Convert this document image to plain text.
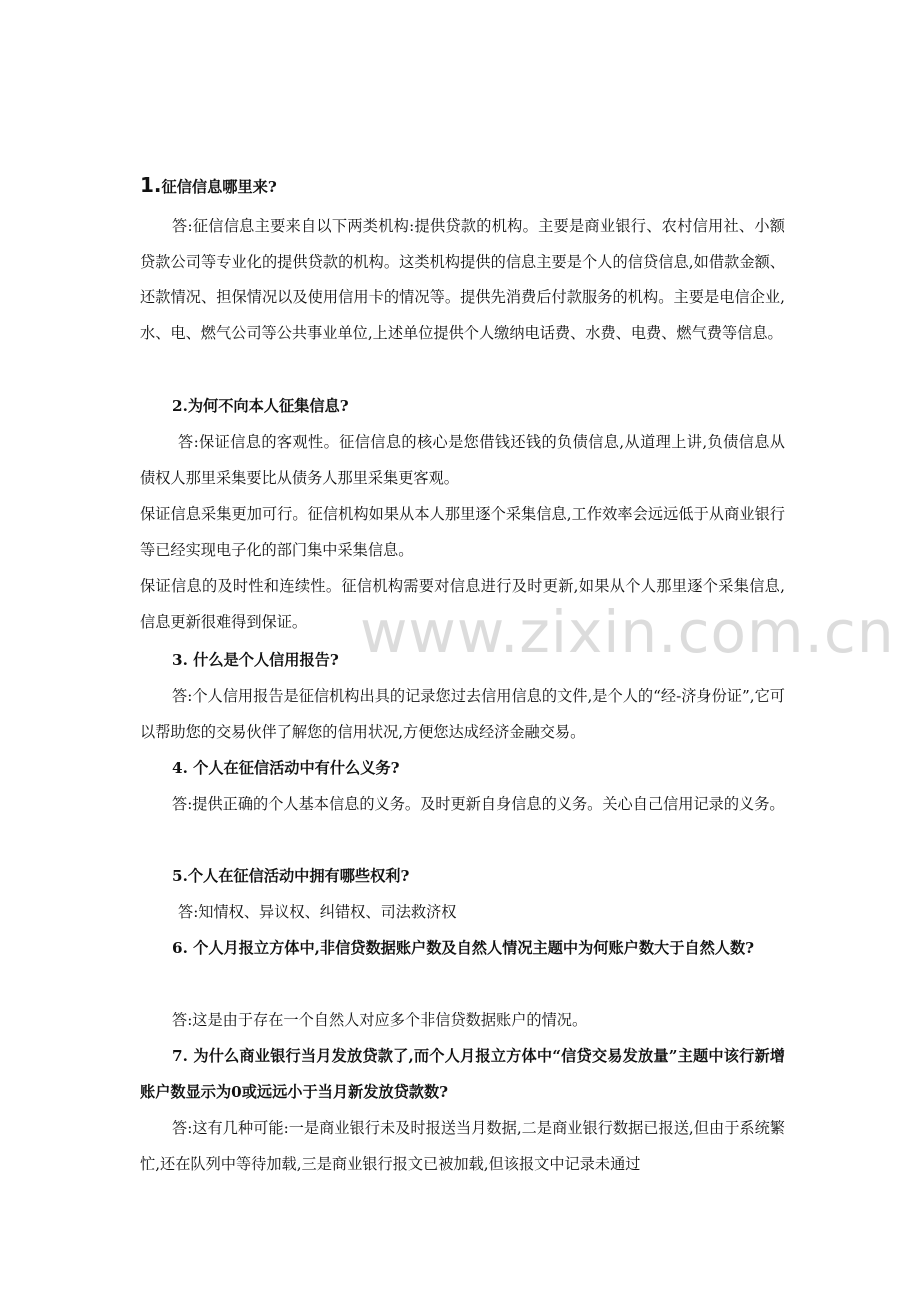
www.zixin.com.cn
1.征信信息哪里来?
答:征信信息主要来自以下两类机构:提供贷款的机构。主要是商业银行、农村信用社、小额贷款公司等专业化的提供贷款的机构。这类机构提供的信息主要是个人的信贷信息,如借款金额、还款情况、担保情况以及使用信用卡的情况等。提供先消费后付款服务的机构。主要是电信企业,水、电、燃气公司等公共事业单位,上述单位提供个人缴纳电话费、水费、电费、燃气费等信息。
2.为何不向本人征集信息?
答:保证信息的客观性。征信信息的核心是您借钱还钱的负债信息,从道理上讲,负债信息从债权人那里采集要比从债务人那里采集更客观。
保证信息采集更加可行。征信机构如果从本人那里逐个采集信息,工作效率会远远低于从商业银行等已经实现电子化的部门集中采集信息。
保证信息的及时性和连续性。征信机构需要对信息进行及时更新,如果从个人那里逐个采集信息,信息更新很难得到保证。
3. 什么是个人信用报告?
答:个人信用报告是征信机构出具的记录您过去信用信息的文件,是个人的“经-济身份证”,它可以帮助您的交易伙伴了解您的信用状况,方便您达成经济金融交易。
4. 个人在征信活动中有什么义务?
答:提供正确的个人基本信息的义务。及时更新自身信息的义务。关心自己信用记录的义务。
5.个人在征信活动中拥有哪些权利?
答:知情权、异议权、纠错权、司法救济权
6. 个人月报立方体中,非信贷数据账户数及自然人情况主题中为何账户数大于自然人数?
答:这是由于存在一个自然人对应多个非信贷数据账户的情况。
7. 为什么商业银行当月发放贷款了,而个人月报立方体中“信贷交易发放量”主题中该行新增账户数显示为0或远远小于当月新发放贷款数?
答:这有几种可能:一是商业银行未及时报送当月数据,二是商业银行数据已报送,但由于系统繁忙,还在队列中等待加载,三是商业银行报文已被加载,但该报文中记录未通过
